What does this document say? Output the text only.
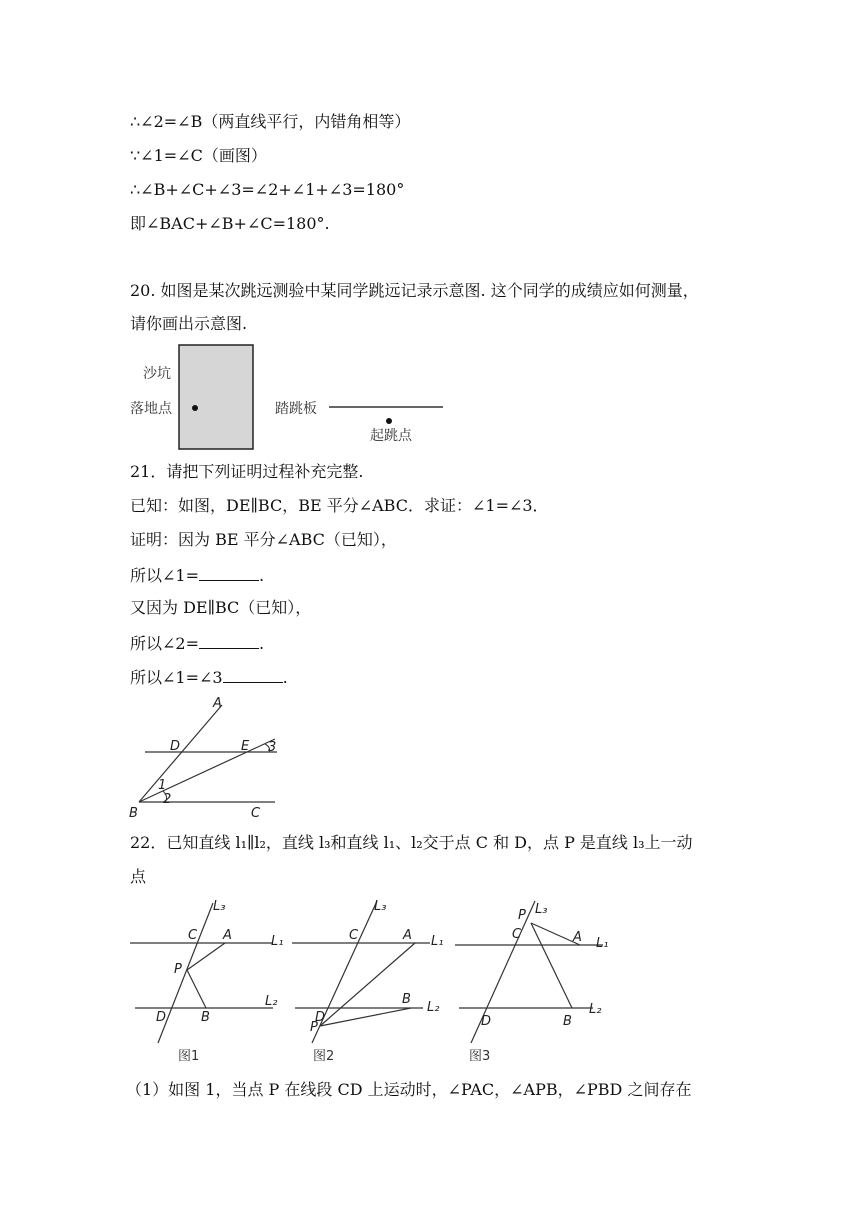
∴∠2=∠B（两直线平行，内错角相等）
∵∠1=∠C（画图）
∴∠B+∠C+∠3=∠2+∠1+∠3=180°
即∠BAC+∠B+∠C=180°.
20. 如图是某次跳远测验中某同学跳远记录示意图. 这个同学的成绩应如何测量，
请你画出示意图.
沙坑
落地点	踏跳板
起跳点
21．请把下列证明过程补充完整.
已知：如图，DE∥BC，BE 平分∠ABC．求证：∠1=∠3．
证明：因为 BE 平分∠ABC（已知），
所以∠1=	.
又因为 DE∥BC（已知），
所以∠2=	.
所以∠1=∠3	.
A
D	E 3
1
2
B	C
22．已知直线 l₁∥l₂，直线 l₃和直线 l₁、l₂交于点 C 和 D，点 P 是直线 l₃上一动
点
L₃
C A	L₁
P
L₂
D	B
图1
L₃
C	A L₁
B
L₂
D
P
图2
P L₃
C	A L₁
L₂
D	B
图3
（1）如图 1，当点 P 在线段 CD 上运动时，∠PAC，∠APB，∠PBD 之间存在
